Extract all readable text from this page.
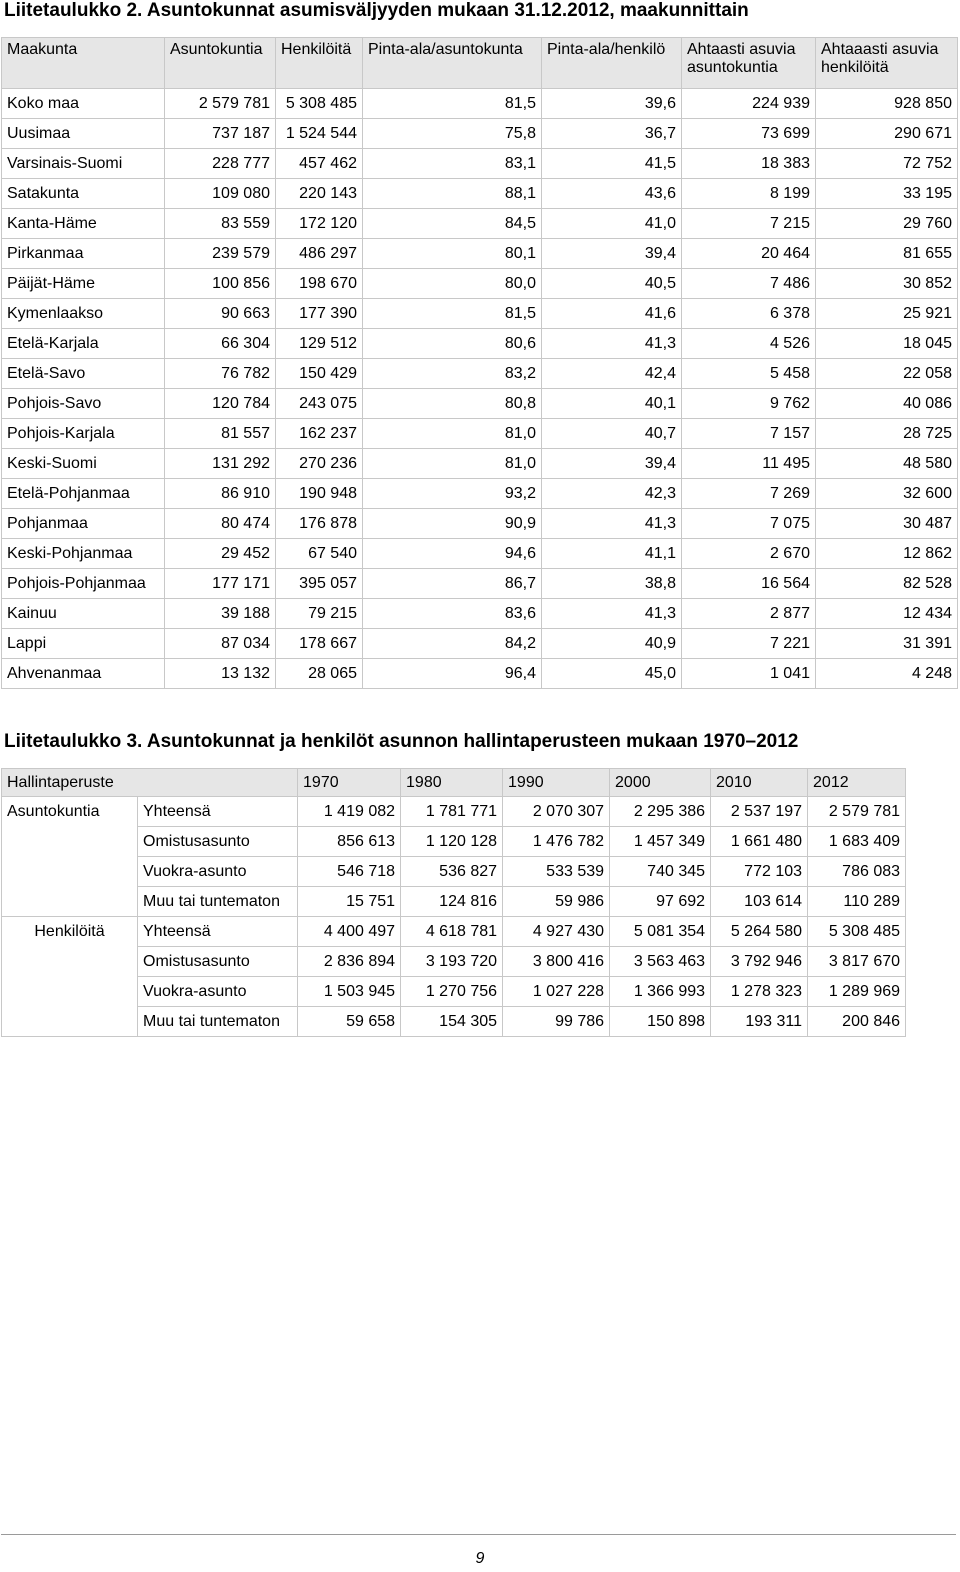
Liitetaulukko 2. Asuntokunnat asumisväljyyden mukaan 31.12.2012, maakunnittain
Maakunta	Asuntokuntia	Henkilöitä	Pinta-ala/asuntokunta	Pinta-ala/henkilö	Ahtaasti asuvia asuntokuntia	Ahtaaasti asuvia henkilöitä
Koko maa	2 579 781	5 308 485	81,5	39,6	224 939	928 850
Uusimaa	737 187	1 524 544	75,8	36,7	73 699	290 671
Varsinais-Suomi	228 777	457 462	83,1	41,5	18 383	72 752
Satakunta	109 080	220 143	88,1	43,6	8 199	33 195
Kanta-Häme	83 559	172 120	84,5	41,0	7 215	29 760
Pirkanmaa	239 579	486 297	80,1	39,4	20 464	81 655
Päijät-Häme	100 856	198 670	80,0	40,5	7 486	30 852
Kymenlaakso	90 663	177 390	81,5	41,6	6 378	25 921
Etelä-Karjala	66 304	129 512	80,6	41,3	4 526	18 045
Etelä-Savo	76 782	150 429	83,2	42,4	5 458	22 058
Pohjois-Savo	120 784	243 075	80,8	40,1	9 762	40 086
Pohjois-Karjala	81 557	162 237	81,0	40,7	7 157	28 725
Keski-Suomi	131 292	270 236	81,0	39,4	11 495	48 580
Etelä-Pohjanmaa	86 910	190 948	93,2	42,3	7 269	32 600
Pohjanmaa	80 474	176 878	90,9	41,3	7 075	30 487
Keski-Pohjanmaa	29 452	67 540	94,6	41,1	2 670	12 862
Pohjois-Pohjanmaa	177 171	395 057	86,7	38,8	16 564	82 528
Kainuu	39 188	79 215	83,6	41,3	2 877	12 434
Lappi	87 034	178 667	84,2	40,9	7 221	31 391
Ahvenanmaa	13 132	28 065	96,4	45,0	1 041	4 248
Liitetaulukko 3. Asuntokunnat ja henkilöt asunnon hallintaperusteen mukaan 1970–2012
Hallintaperuste		1970	1980	1990	2000	2010	2012
Asuntokuntia	Yhteensä	1 419 082	1 781 771	2 070 307	2 295 386	2 537 197	2 579 781
	Omistusasunto	856 613	1 120 128	1 476 782	1 457 349	1 661 480	1 683 409
	Vuokra-asunto	546 718	536 827	533 539	740 345	772 103	786 083
	Muu tai tuntematon	15 751	124 816	59 986	97 692	103 614	110 289
Henkilöitä	Yhteensä	4 400 497	4 618 781	4 927 430	5 081 354	5 264 580	5 308 485
	Omistusasunto	2 836 894	3 193 720	3 800 416	3 563 463	3 792 946	3 817 670
	Vuokra-asunto	1 503 945	1 270 756	1 027 228	1 366 993	1 278 323	1 289 969
	Muu tai tuntematon	59 658	154 305	99 786	150 898	193 311	200 846
9
